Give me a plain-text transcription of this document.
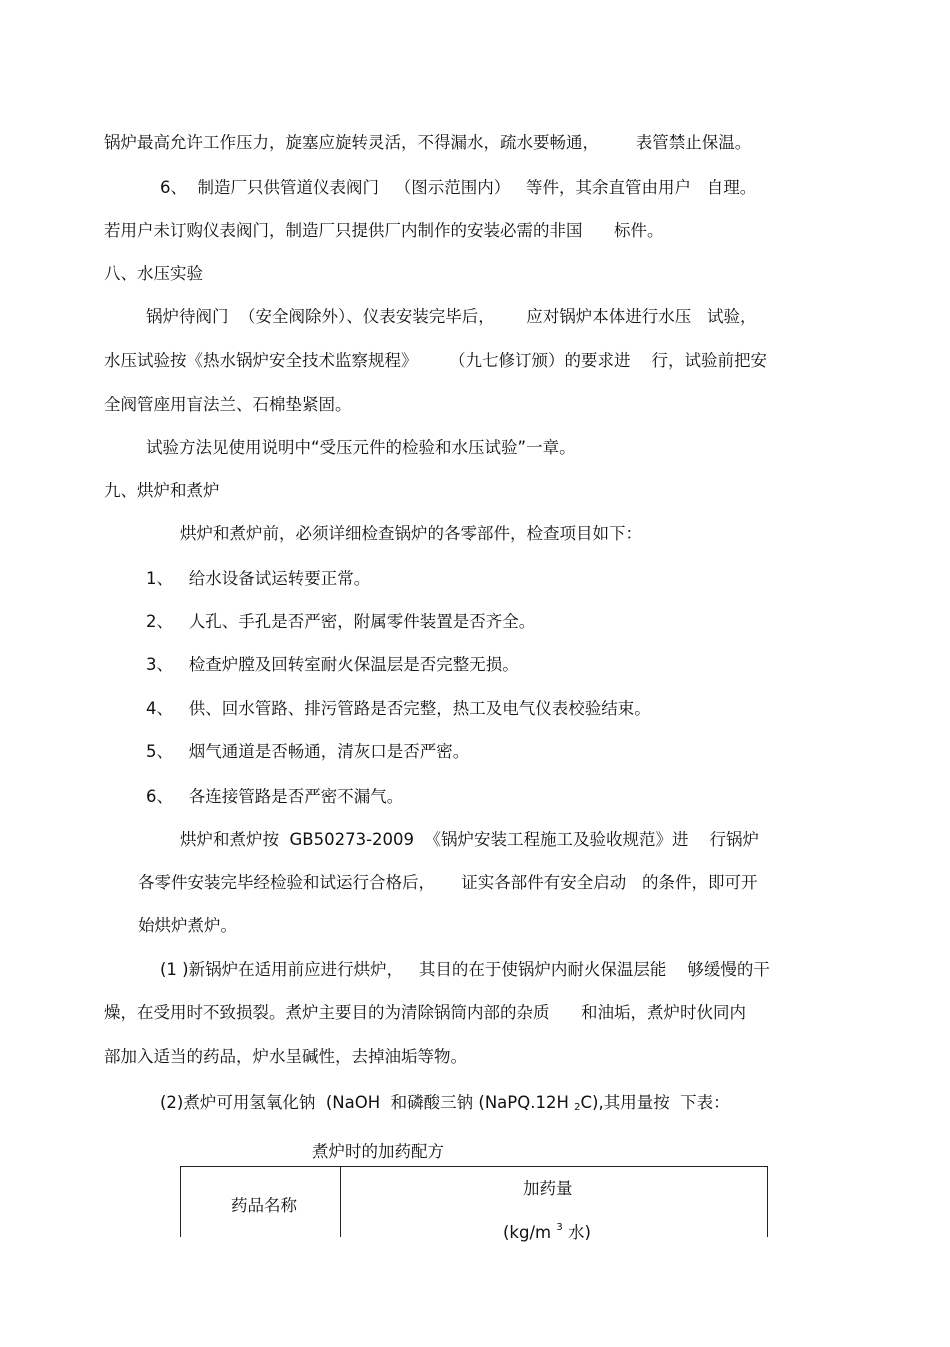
锅炉最高允许工作压力，旋塞应旋转灵活，不得漏水，疏水要畅通，       表管禁止保温。
6、  制造厂只供管道仪表阀门   （图示范围内）   等件，其余直管由用户   自理。
若用户未订购仪表阀门，制造厂只提供厂内制作的安装必需的非国      标件。
八、水压实验
锅炉待阀门  （安全阀除外）、仪表安装完毕后，      应对锅炉本体进行水压   试验，
水压试验按《热水锅炉安全技术监察规程》      （九七修订颁）的要求进    行，试验前把安
全阀管座用盲法兰、石棉垫紧固。
试验方法见使用说明中“受压元件的检验和水压试验”一章。
九、烘炉和煮炉
烘炉和煮炉前，必须详细检查锅炉的各零部件，检查项目如下：
1、   给水设备试运转要正常。
2、   人孔、手孔是否严密，附属零件装置是否齐全。
3、   检查炉膛及回转室耐火保温层是否完整无损。
4、   供、回水管路、排污管路是否完整，热工及电气仪表校验结束。
5、   烟气通道是否畅通，清灰口是否严密。
6、   各连接管路是否严密不漏气。
烘炉和煮炉按  GB50273-2009  《锅炉安装工程施工及验收规范》进    行锅炉
各零件安装完毕经检验和试运行合格后，     证实各部件有安全启动   的条件，即可开
始烘炉煮炉。
(1 )新锅炉在适用前应进行烘炉，   其目的在于使锅炉内耐火保温层能    够缓慢的干
燥，在受用时不致损裂。煮炉主要目的为清除锅筒内部的杂质      和油垢，煮炉时伙同内
部加入适当的药品，炉水呈碱性，去掉油垢等物。
(2)煮炉可用氢氧化钠  (NaOH  和磷酸三钠 (NaPQ.12H $_2$C),其用量按  下表：
煮炉时的加药配方
药品名称
加药量
(kg/m $^3$ 水)
